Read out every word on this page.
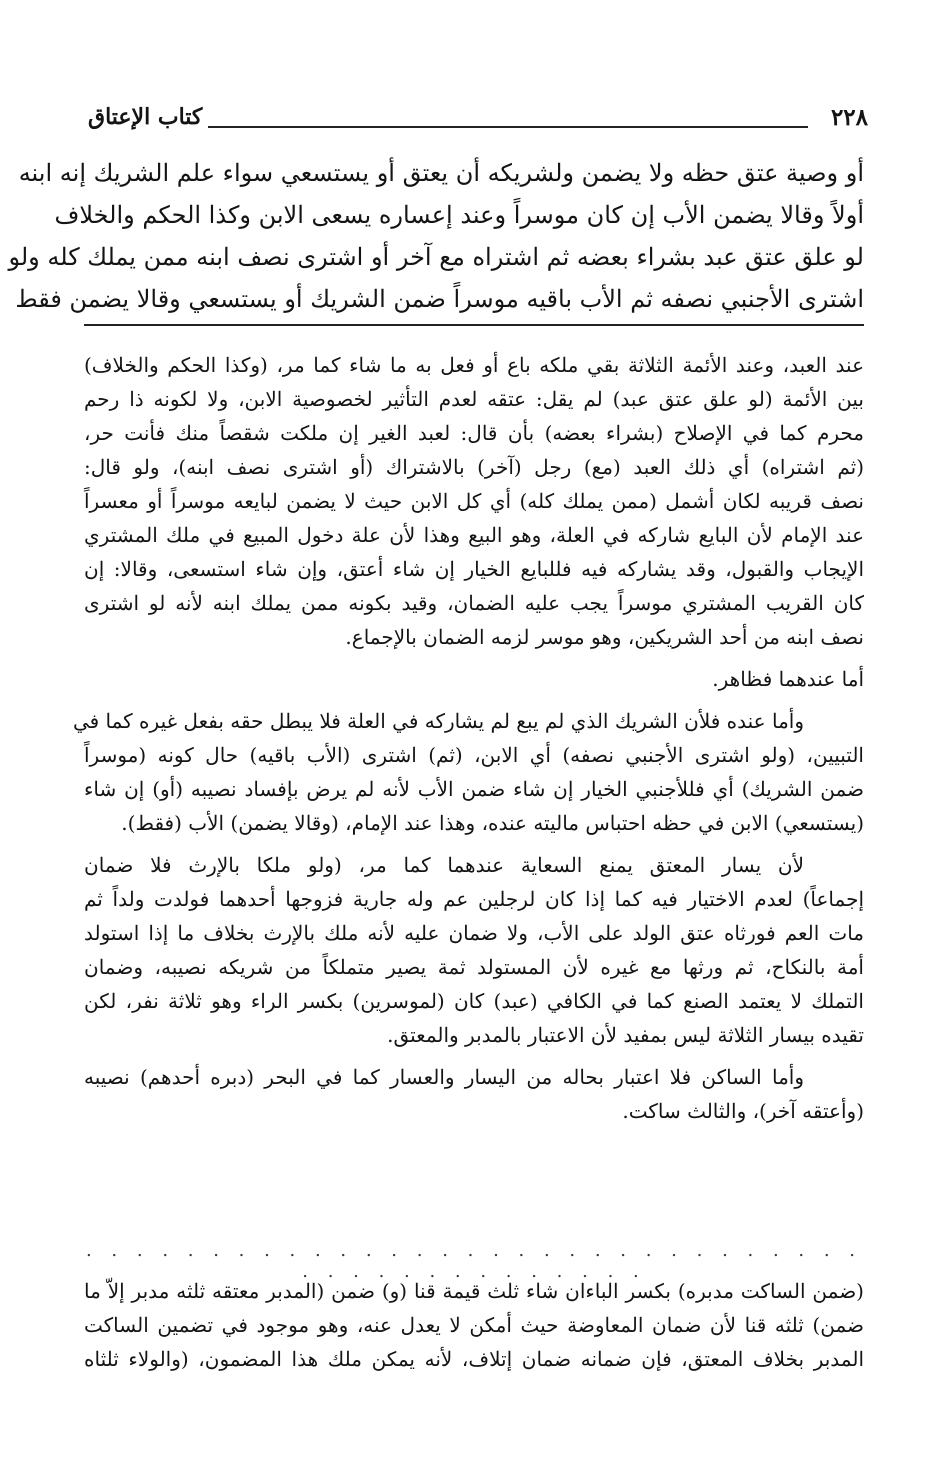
٢٢٨
كتاب الإعتاق
أو وصية عتق حظه ولا يضمن ولشريكه أن يعتق أو يستسعي سواء علم الشريك إنه ابنه
أولاً وقالا يضمن الأب إن كان موسراً وعند إعساره يسعى الابن وكذا الحكم والخلاف
لو علق عتق عبد بشراء بعضه ثم اشتراه مع آخر أو اشترى نصف ابنه ممن يملك كله ولو
اشترى الأجنبي نصفه ثم الأب باقيه موسراً ضمن الشريك أو يستسعي وقالا يضمن فقط
عند العبد، وعند الأئمة الثلاثة بقي ملكه باع أو فعل به ما شاء كما مر، (وكذا الحكم والخلاف)
بين الأئمة (لو علق عتق عبد) لم يقل: عتقه لعدم التأثير لخصوصية الابن، ولا لكونه ذا رحم
محرم كما في الإصلاح (بشراء بعضه) بأن قال: لعبد الغير إن ملكت شقصاً منك فأنت حر،
(ثم اشتراه) أي ذلك العبد (مع) رجل (آخر) بالاشتراك (أو اشترى نصف ابنه)، ولو قال:
نصف قريبه لكان أشمل (ممن يملك كله) أي كل الابن حيث لا يضمن لبايعه موسراً أو معسراً
عند الإمام لأن البايع شاركه في العلة، وهو البيع وهذا لأن علة دخول المبيع في ملك المشتري
الإيجاب والقبول، وقد يشاركه فيه فللبايع الخيار إن شاء أعتق، وإن شاء استسعى، وقالا: إن
كان القريب المشتري موسراً يجب عليه الضمان، وقيد بكونه ممن يملك ابنه لأنه لو اشترى
نصف ابنه من أحد الشريكين، وهو موسر لزمه الضمان بالإجماع.
أما عندهما فظاهر.
وأما عنده فلأن الشريك الذي لم يبع لم يشاركه في العلة فلا يبطل حقه بفعل غيره كما في
التبيين، (ولو اشترى الأجنبي نصفه) أي الابن، (ثم) اشترى (الأب باقيه) حال كونه (موسراً
ضمن الشريك) أي فللأجنبي الخيار إن شاء ضمن الأب لأنه لم يرض بإفساد نصيبه (أو) إن شاء
(يستسعي) الابن في حظه احتباس ماليته عنده، وهذا عند الإمام، (وقالا يضمن) الأب (فقط).
لأن يسار المعتق يمنع السعاية عندهما كما مر، (ولو ملكا بالإرث فلا ضمان
إجماعاً) لعدم الاختيار فيه كما إذا كان لرجلين عم وله جارية فزوجها أحدهما فولدت ولداً ثم
مات العم فورثاه عتق الولد على الأب، ولا ضمان عليه لأنه ملك بالإرث بخلاف ما إذا استولد
أمة بالنكاح، ثم ورثها مع غيره لأن المستولد ثمة يصير متملكاً من شريكه نصيبه، وضمان
التملك لا يعتمد الصنع كما في الكافي (عبد) كان (لموسرين) بكسر الراء وهو ثلاثة نفر، لكن
تقيده بيسار الثلاثة ليس بمفيد لأن الاعتبار بالمدبر والمعتق.
وأما الساكن فلا اعتبار بحاله من اليسار والعسار كما في البحر (دبره أحدهم) نصيبه
(وأعتقه آخر)، والثالث ساكت.
. . . . . . . . . . . . . . . . . . . . . . . . . . . . . . . . . . . . . . . . . . . . .
(ضمن الساكت مدبره) بكسر الباءان شاء ثلث قيمة قنا (و) ضمن (المدبر معتقه ثلثه مدبر إلاّ ما
ضمن) ثلثه قنا لأن ضمان المعاوضة حيث أمكن لا يعدل عنه، وهو موجود في تضمين الساكت
المدبر بخلاف المعتق، فإن ضمانه ضمان إتلاف، لأنه يمكن ملك هذا المضمون، (والولاء ثلثاه
